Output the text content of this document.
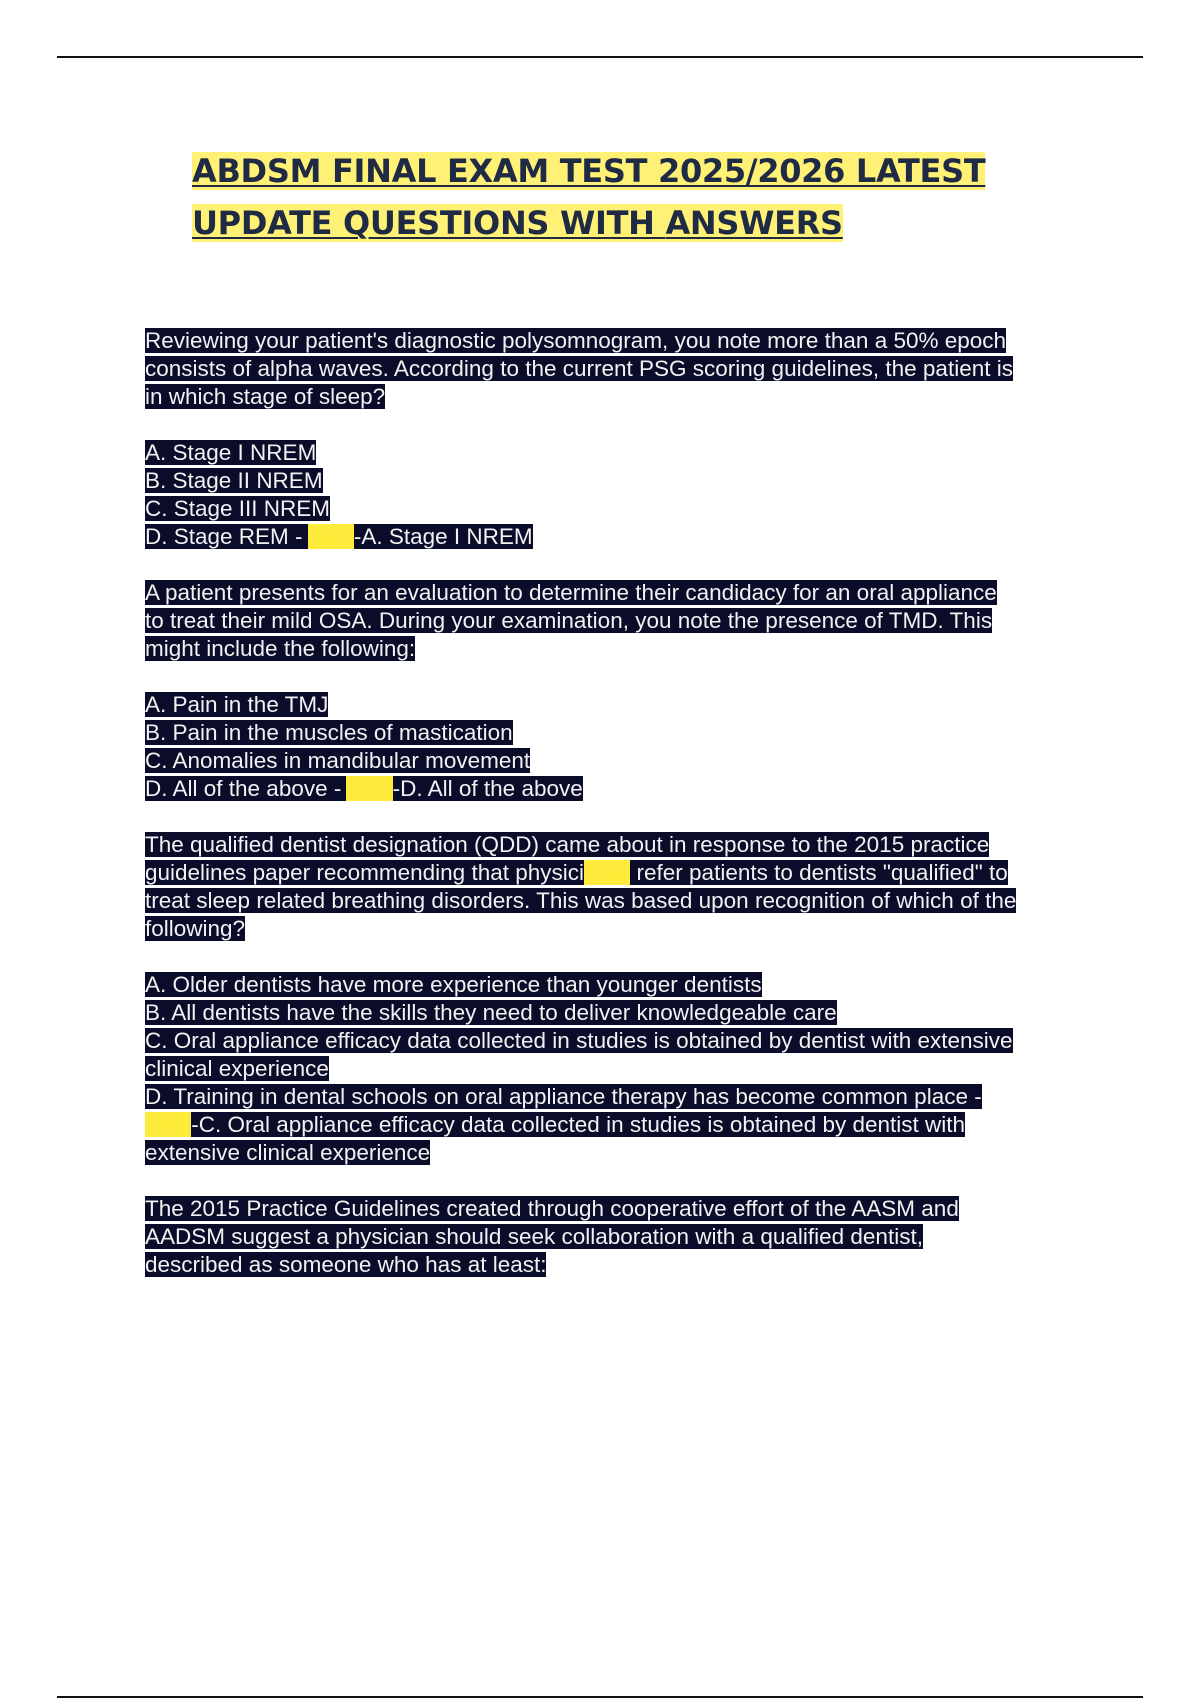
ABDSM FINAL EXAM TEST 2025/2026 LATEST
UPDATE QUESTIONS WITH ANSWERS
Reviewing your patient's diagnostic polysomnogram, you note more than a 50% epoch
consists of alpha waves. According to the current PSG scoring guidelines, the patient is
in which stage of sleep?
A. Stage I NREM
B. Stage II NREM
C. Stage III NREM
D. Stage REM - ANS-A. Stage I NREM
A patient presents for an evaluation to determine their candidacy for an oral appliance
to treat their mild OSA. During your examination, you note the presence of TMD. This
might include the following:
A. Pain in the TMJ
B. Pain in the muscles of mastication
C. Anomalies in mandibular movement
D. All of the above - ANS-D. All of the above
The qualified dentist designation (QDD) came about in response to the 2015 practice
guidelines paper recommending that physiciANS refer patients to dentists "qualified" to
treat sleep related breathing disorders. This was based upon recognition of which of the
following?
A. Older dentists have more experience than younger dentists
B. All dentists have the skills they need to deliver knowledgeable care
C. Oral appliance efficacy data collected in studies is obtained by dentist with extensive
clinical experience
D. Training in dental schools on oral appliance therapy has become common place -
ANS-C. Oral appliance efficacy data collected in studies is obtained by dentist with
extensive clinical experience
The 2015 Practice Guidelines created through cooperative effort of the AASM and
AADSM suggest a physician should seek collaboration with a qualified dentist,
described as someone who has at least:
